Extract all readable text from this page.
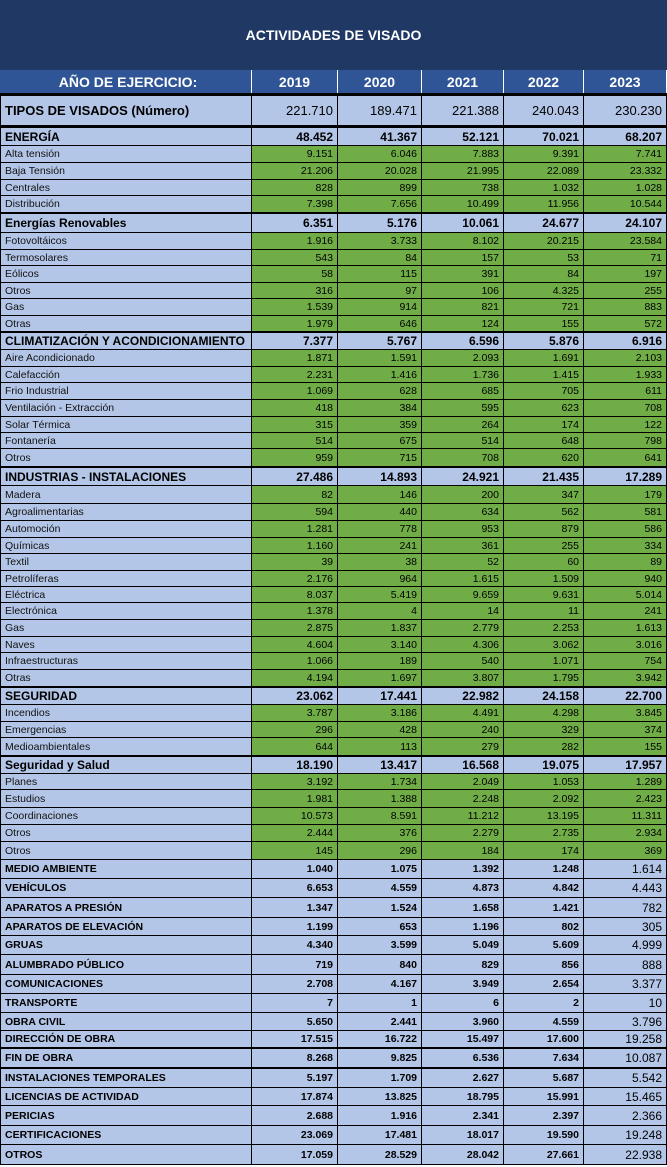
ACTIVIDADES DE VISADO
AÑO DE EJERCICIO:	2019	2020	2021	2022	2023
TIPOS DE VISADOS (Número)	221.710	189.471	221.388	240.043	230.230
ENERGÍA	48.452	41.367	52.121	70.021	68.207
Alta tensión	9.151	6.046	7.883	9.391	7.741
Baja Tensión	21.206	20.028	21.995	22.089	23.332
Centrales	828	899	738	1.032	1.028
Distribución	7.398	7.656	10.499	11.956	10.544
Energías Renovables	6.351	5.176	10.061	24.677	24.107
Fotovoltáicos	1.916	3.733	8.102	20.215	23.584
Termosolares	543	84	157	53	71
Eólicos	58	115	391	84	197
Otros	316	97	106	4.325	255
Gas	1.539	914	821	721	883
Otras	1.979	646	124	155	572
CLIMATIZACIÓN Y ACONDICIONAMIENTO	7.377	5.767	6.596	5.876	6.916
Aire Acondicionado	1.871	1.591	2.093	1.691	2.103
Calefacción	2.231	1.416	1.736	1.415	1.933
Frio Industrial	1.069	628	685	705	611
Ventilación - Extracción	418	384	595	623	708
Solar Térmica	315	359	264	174	122
Fontanería	514	675	514	648	798
Otros	959	715	708	620	641
INDUSTRIAS - INSTALACIONES	27.486	14.893	24.921	21.435	17.289
Madera	82	146	200	347	179
Agroalimentarias	594	440	634	562	581
Automoción	1.281	778	953	879	586
Químicas	1.160	241	361	255	334
Textil	39	38	52	60	89
Petrolíferas	2.176	964	1.615	1.509	940
Eléctrica	8.037	5.419	9.659	9.631	5.014
Electrónica	1.378	4	14	11	241
Gas	2.875	1.837	2.779	2.253	1.613
Naves	4.604	3.140	4.306	3.062	3.016
Infraestructuras	1.066	189	540	1.071	754
Otras	4.194	1.697	3.807	1.795	3.942
SEGURIDAD	23.062	17.441	22.982	24.158	22.700
Incendios	3.787	3.186	4.491	4.298	3.845
Emergencias	296	428	240	329	374
Medioambientales	644	113	279	282	155
Seguridad y Salud	18.190	13.417	16.568	19.075	17.957
Planes	3.192	1.734	2.049	1.053	1.289
Estudios	1.981	1.388	2.248	2.092	2.423
Coordinaciones	10.573	8.591	11.212	13.195	11.311
Otros	2.444	376	2.279	2.735	2.934
Otros	145	296	184	174	369
MEDIO AMBIENTE	1.040	1.075	1.392	1.248	1.614
VEHÍCULOS	6.653	4.559	4.873	4.842	4.443
APARATOS A PRESIÓN	1.347	1.524	1.658	1.421	782
APARATOS DE ELEVACIÓN	1.199	653	1.196	802	305
GRUAS	4.340	3.599	5.049	5.609	4.999
ALUMBRADO PÚBLICO	719	840	829	856	888
COMUNICACIONES	2.708	4.167	3.949	2.654	3.377
TRANSPORTE	7	1	6	2	10
OBRA CIVIL	5.650	2.441	3.960	4.559	3.796
DIRECCIÓN DE OBRA	17.515	16.722	15.497	17.600	19.258
FIN DE OBRA	8.268	9.825	6.536	7.634	10.087
INSTALACIONES TEMPORALES	5.197	1.709	2.627	5.687	5.542
LICENCIAS DE ACTIVIDAD	17.874	13.825	18.795	15.991	15.465
PERICIAS	2.688	1.916	2.341	2.397	2.366
CERTIFICACIONES	23.069	17.481	18.017	19.590	19.248
OTROS	17.059	28.529	28.042	27.661	22.938
